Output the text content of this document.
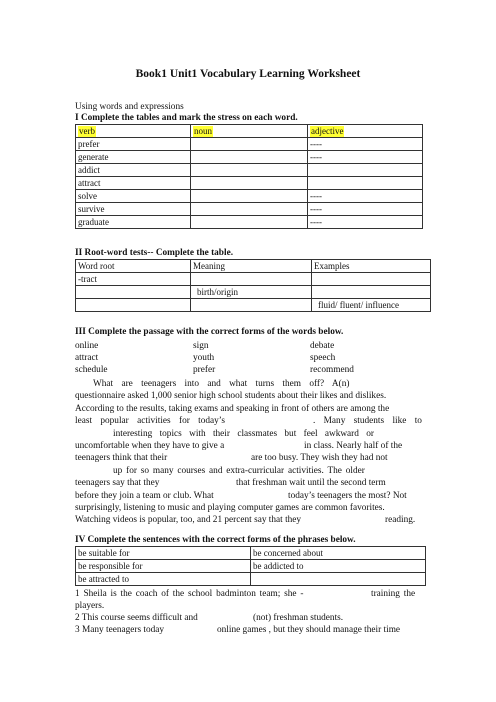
Book1 Unit1 Vocabulary Learning Worksheet
Using words and expressions
I Complete the tables and mark the stress on each word.
verb	noun	adjective
prefer		----
generate		----
addict		
attract		
solve		----
survive		----
graduate		----
II Root-word tests-- Complete the table.
Word root	Meaning	Examples
-tract		
	birth/origin	
		fluid/ fluent/ influence
III Complete the passage with the correct forms of the words below.
online	sign	debate
attract	youth	speech
schedule	prefer	recommend
What are teenagers into and what turns them off? A(n)
questionnaire asked 1,000 senior high school students about their likes and dislikes.
According to the results, taking exams and speaking in front of others are among the
least popular activities for today’s	. Many students like to
interesting topics with their classmates but feel awkward or
uncomfortable when they have to give a	in class. Nearly half of the
teenagers think that their	are too busy. They wish they had not
up for so many courses and extra-curricular activities. The older
teenagers say that they	that freshman wait until the second term
before they join a team or club. What	today’s teenagers the most? Not
surprisingly, listening to music and playing computer games are common favorites.
Watching videos is popular, too, and 21 percent say that they	reading.
IV Complete the sentences with the correct forms of the phrases below.
be suitable for	be concerned about
be responsible for	be addicted to
be attracted to	
1 Sheila is the coach of the school badminton team; she -	training the
players.
2 This course seems difficult and	(not) freshman students.
3 Many teenagers today	online games , but they should manage their time
